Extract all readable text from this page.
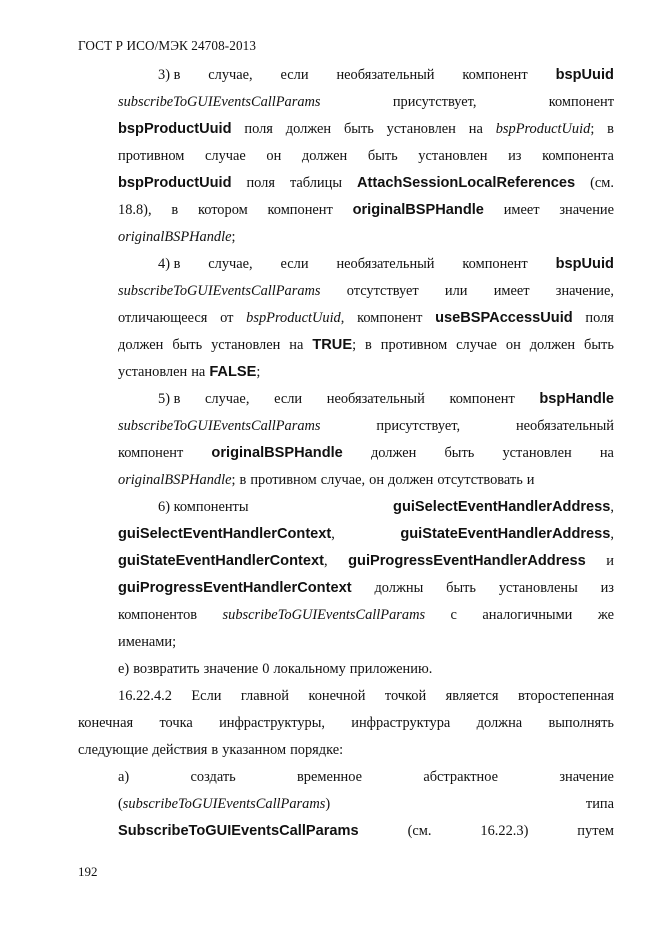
ГОСТ Р ИСО/МЭК 24708-2013
3) в случае, если необязательный компонент bspUuid
subscribeToGUIEventsCallParams	присутствует,	компонент
bspProductUuid поля должен быть установлен на bspProductUuid; в
противном случае он должен быть установлен из компонента
bspProductUuid поля таблицы AttachSessionLocalReferences (см.
18.8), в котором компонент originalBSPHandle имеет значение
originalBSPHandle;
4) в случае, если необязательный компонент bspUuid
subscribeToGUIEventsCallParams отсутствует или имеет значение,
отличающееся от bspProductUuid, компонент useBSPAccessUuid поля
должен быть установлен на TRUE; в противном случае он должен быть
установлен на FALSE;
5) в случае, если необязательный компонент bspHandle
subscribeToGUIEventsCallParams	присутствует,	необязательный
компонент originalBSPHandle должен быть установлен на
originalBSPHandle; в противном случае, он должен отсутствовать и
6) компоненты	guiSelectEventHandlerAddress,
guiSelectEventHandlerContext,	guiStateEventHandlerAddress,
guiStateEventHandlerContext, guiProgressEventHandlerAddress и
guiProgressEventHandlerContext должны быть установлены из
компонентов subscribeToGUIEventsCallParams с аналогичными же
именами;
е) возвратить значение 0 локальному приложению.
16.22.4.2 Если главной конечной точкой является второстепенная
конечная точка инфраструктуры, инфраструктура должна выполнять
следующие действия в указанном порядке:
а)	создать	временное	абстрактное	значение
(subscribeToGUIEventsCallParams)	типа
SubscribeToGUIEventsCallParams	(см.	16.22.3)	путем
192
